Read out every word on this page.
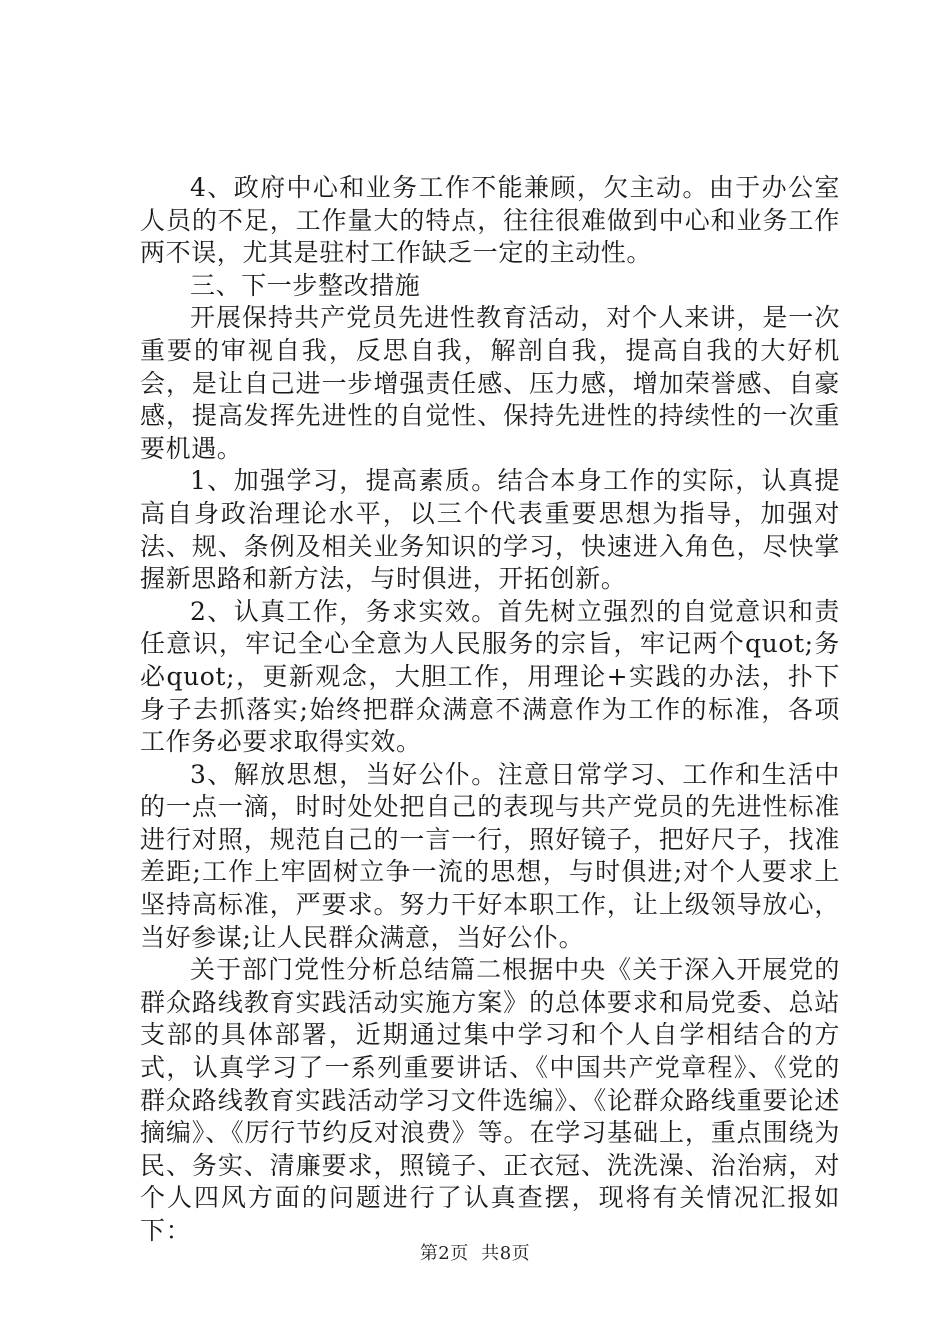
4、政府中心和业务工作不能兼顾，欠主动。由于办公室人员的不足，工作量大的特点，往往很难做到中心和业务工作两不误，尤其是驻村工作缺乏一定的主动性。

三、下一步整改措施

开展保持共产党员先进性教育活动，对个人来讲，是一次重要的审视自我，反思自我，解剖自我，提高自我的大好机会，是让自己进一步增强责任感、压力感，增加荣誉感、自豪感，提高发挥先进性的自觉性、保持先进性的持续性的一次重要机遇。

1、加强学习，提高素质。结合本身工作的实际，认真提高自身政治理论水平，以三个代表重要思想为指导，加强对法、规、条例及相关业务知识的学习，快速进入角色，尽快掌握新思路和新方法，与时俱进，开拓创新。

2、认真工作，务求实效。首先树立强烈的自觉意识和责任意识，牢记全心全意为人民服务的宗旨，牢记两个quot;务必quot;，更新观念，大胆工作，用理论+实践的办法，扑下身子去抓落实;始终把群众满意不满意作为工作的标准，各项工作务必要求取得实效。

3、解放思想，当好公仆。注意日常学习、工作和生活中的一点一滴，时时处处把自己的表现与共产党员的先进性标准进行对照，规范自己的一言一行，照好镜子，把好尺子，找准差距;工作上牢固树立争一流的思想，与时俱进;对个人要求上坚持高标准，严要求。努力干好本职工作，让上级领导放心，当好参谋;让人民群众满意，当好公仆。

关于部门党性分析总结篇二根据中央《关于深入开展党的群众路线教育实践活动实施方案》的总体要求和局党委、总站支部的具体部署，近期通过集中学习和个人自学相结合的方式，认真学习了一系列重要讲话、《中国共产党章程》、《党的群众路线教育实践活动学习文件选编》、《论群众路线重要论述摘编》、《厉行节约反对浪费》等。在学习基础上，重点围绕为民、务实、清廉要求，照镜子、正衣冠、洗洗澡、治治病，对个人四风方面的问题进行了认真查摆，现将有关情况汇报如下：

第2页  共8页
